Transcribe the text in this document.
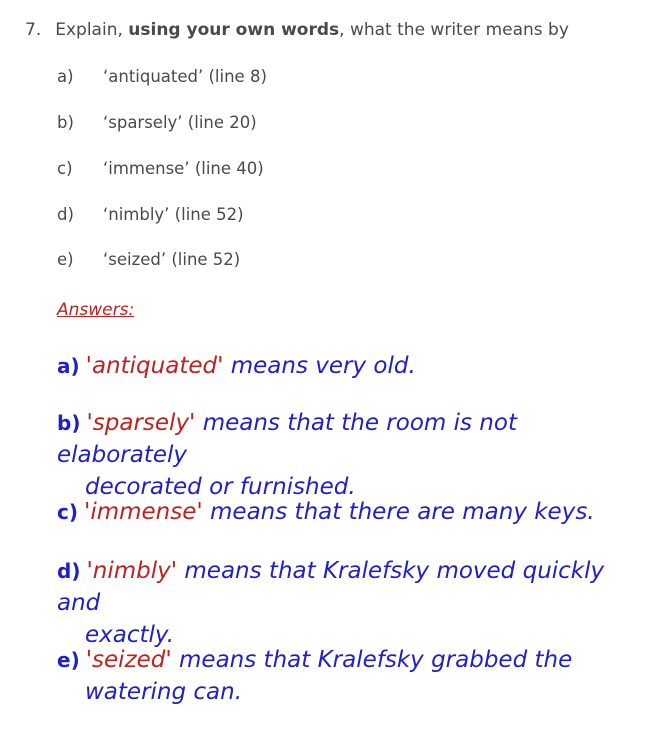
7. Explain, using your own words, what the writer means by
a) ‘antiquated’ (line 8)
b) ‘sparsely’ (line 20)
c) ‘immense’ (line 40)
d) ‘nimbly’ (line 52)
e) ‘seized’ (line 52)
Answers:
a) 'antiquated' means very old.
b) 'sparsely' means that the room is not elaborately
decorated or furnished.
c) 'immense' means that there are many keys.
d) 'nimbly' means that Kralefsky moved quickly and
exactly.
e) 'seized' means that Kralefsky grabbed the
watering can.
